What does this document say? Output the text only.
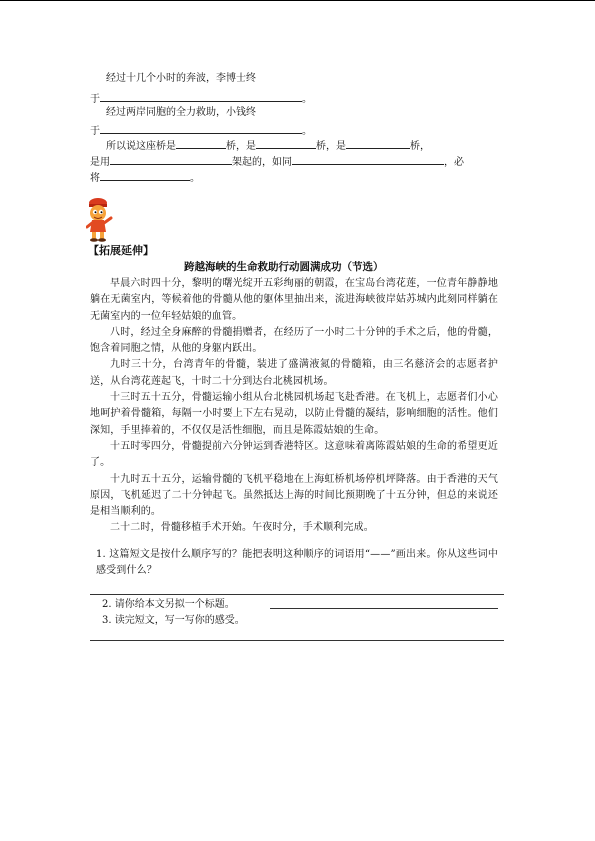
经过十几个小时的奔波，李博士终
于	。
经过两岸同胞的全力救助，小钱终
于	。
所以说这座桥是	桥，是	桥，是	桥，
是用	架起的，如同	，必
将	。
【拓展延伸】
跨越海峡的生命救助行动圆满成功（节选）

早晨六时四十分，黎明的曙光绽开五彩绚丽的朝霞，在宝岛台湾花莲，一位青年静静地躺在无菌室内，等候着他的骨髓从他的躯体里抽出来，流进海峡彼岸姑苏城内此刻同样躺在无菌室内的一位年轻姑娘的血管。

八时，经过全身麻醉的骨髓捐赠者，在经历了一小时二十分钟的手术之后，他的骨髓，饱含着同胞之情，从他的身躯内跃出。

九时三十分，台湾青年的骨髓，装进了盛满液氮的骨髓箱，由三名慈济会的志愿者护送，从台湾花莲起飞，十时二十分到达台北桃园机场。

十三时五十五分，骨髓运输小组从台北桃园机场起飞赴香港。在飞机上，志愿者们小心地呵护着骨髓箱，每隔一小时要上下左右晃动，以防止骨髓的凝结，影响细胞的活性。他们深知，手里捧着的，不仅仅是活性细胞，而且是陈霞姑娘的生命。

十五时零四分，骨髓提前六分钟运到香港特区。这意味着离陈霞姑娘的生命的希望更近了。

十九时五十五分，运输骨髓的飞机平稳地在上海虹桥机场停机坪降落。由于香港的天气原因，飞机延迟了二十分钟起飞。虽然抵达上海的时间比预期晚了十五分钟，但总的来说还是相当顺利的。

二十二时，骨髓移植手术开始。午夜时分，手术顺利完成。

1. 这篇短文是按什么顺序写的？能把表明这种顺序的词语用“——”画出来。你从这些词中感受到什么？

2. 请你给本文另拟一个标题。
3. 读完短文，写一写你的感受。
